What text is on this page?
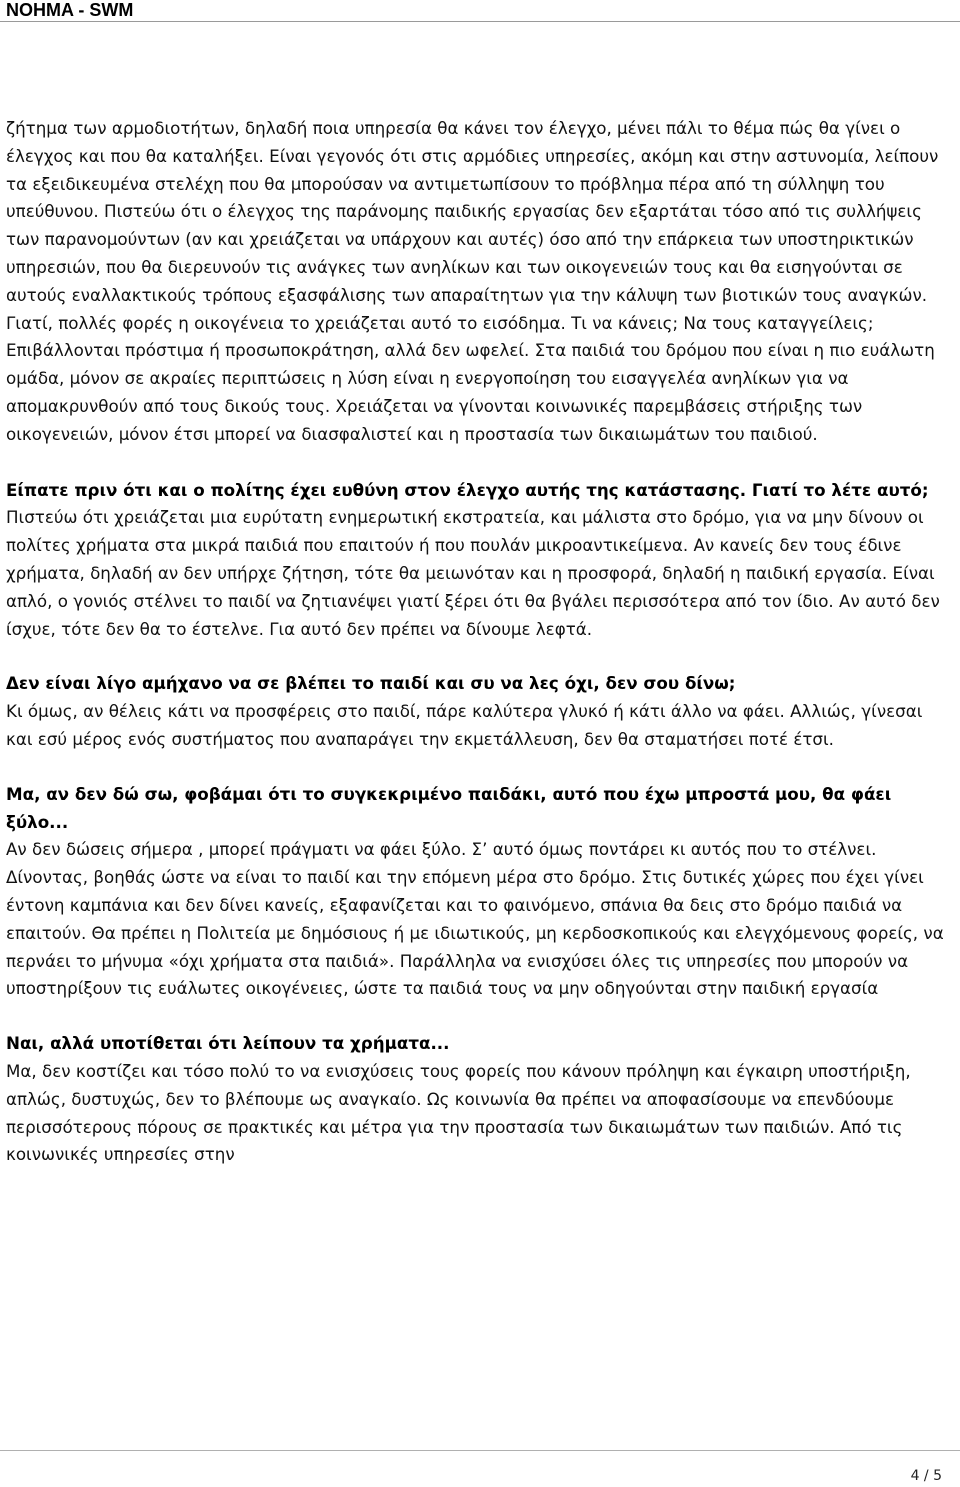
NOHMA - SWM

ζήτημα των αρμοδιοτήτων, δηλαδή ποια υπηρεσία θα κάνει τον έλεγχο, μένει πάλι το θέμα πώς θα γίνει ο έλεγχος και που θα καταλήξει. Είναι γεγονός ότι στις αρμόδιες υπηρεσίες, ακόμη και στην αστυνομία, λείπουν τα εξειδικευμένα στελέχη που θα μπορούσαν να αντιμετωπίσουν το πρόβλημα πέρα από τη σύλληψη του υπεύθυνου. Πιστεύω ότι ο έλεγχος της παράνομης παιδικής εργασίας δεν εξαρτάται τόσο από τις συλλήψεις των παρανομούντων (αν και χρειάζεται να υπάρχουν και αυτές) όσο από την επάρκεια των υποστηρικτικών υπηρεσιών, που θα διερευνούν τις ανάγκες των ανηλίκων και των οικογενειών τους και θα εισηγούνται σε αυτούς εναλλακτικούς τρόπους εξασφάλισης των απαραίτητων για την κάλυψη των βιοτικών τους αναγκών. Γιατί, πολλές φορές η οικογένεια το χρειάζεται αυτό το εισόδημα. Τι να κάνεις; Να τους καταγγείλεις; Επιβάλλονται πρόστιμα ή προσωποκράτηση, αλλά δεν ωφελεί. Στα παιδιά του δρόμου που είναι η πιο ευάλωτη ομάδα, μόνον σε ακραίες περιπτώσεις η λύση είναι η ενεργοποίηση του εισαγγελέα ανηλίκων για να απομακρυνθούν από τους δικούς τους. Χρειάζεται να γίνονται κοινωνικές παρεμβάσεις στήριξης των οικογενειών, μόνον έτσι μπορεί να διασφαλιστεί και η προστασία των δικαιωμάτων του παιδιού.

Είπατε πριν ότι και ο πολίτης έχει ευθύνη στον έλεγχο αυτής της κατάστασης. Γιατί το λέτε αυτό;

Πιστεύω ότι χρειάζεται μια ευρύτατη ενημερωτική εκστρατεία, και μάλιστα στο δρόμο, για να μην δίνουν οι πολίτες χρήματα στα μικρά παιδιά που επαιτούν ή που πουλάν μικροαντικείμενα. Αν κανείς δεν τους έδινε χρήματα, δηλαδή αν δεν υπήρχε ζήτηση, τότε θα μειωνόταν και η προσφορά, δηλαδή η παιδική εργασία. Είναι απλό, ο γονιός στέλνει το παιδί να ζητιανέψει γιατί ξέρει ότι θα βγάλει περισσότερα από τον ίδιο. Αν αυτό δεν ίσχυε, τότε δεν θα το έστελνε. Για αυτό δεν πρέπει να δίνουμε λεφτά.

Δεν είναι λίγο αμήχανο να σε βλέπει το παιδί και συ να λες όχι, δεν σου δίνω;

Κι όμως, αν θέλεις κάτι να προσφέρεις στο παιδί, πάρε καλύτερα γλυκό ή κάτι άλλο να φάει. Αλλιώς, γίνεσαι και εσύ μέρος ενός συστήματος που αναπαράγει την εκμετάλλευση, δεν θα σταματήσει ποτέ έτσι.

Μα, αν δεν δώ σω, φοβάμαι ότι το συγκεκριμένο παιδάκι, αυτό που έχω μπροστά μου, θα φάει ξύλο...

Αν δεν δώσεις σήμερα , μπορεί πράγματι να φάει ξύλο. Σ’ αυτό όμως ποντάρει κι αυτός που το στέλνει. Δίνοντας, βοηθάς ώστε να είναι το παιδί και την επόμενη μέρα στο δρόμο. Στις δυτικές χώρες που έχει γίνει έντονη καμπάνια και δεν δίνει κανείς, εξαφανίζεται και το φαινόμενο, σπάνια θα δεις στο δρόμο παιδιά να επαιτούν. Θα πρέπει η Πολιτεία με δημόσιους ή με ιδιωτικούς, μη κερδοσκοπικούς και ελεγχόμενους φορείς, να περνάει το μήνυμα «όχι χρήματα στα παιδιά». Παράλληλα να ενισχύσει όλες τις υπηρεσίες που μπορούν να υποστηρίξουν τις ευάλωτες οικογένειες, ώστε τα παιδιά τους να μην οδηγούνται στην παιδική εργασία

Ναι, αλλά υποτίθεται ότι λείπουν τα χρήματα...

Μα, δεν κοστίζει και τόσο πολύ το να ενισχύσεις τους φορείς που κάνουν πρόληψη και έγκαιρη υποστήριξη, απλώς, δυστυχώς, δεν το βλέπουμε ως αναγκαίο. Ως κοινωνία θα πρέπει να αποφασίσουμε να επενδύουμε περισσότερους πόρους σε πρακτικές και μέτρα για την προστασία των δικαιωμάτων των παιδιών. Από τις κοινωνικές υπηρεσίες στην

4 / 5
